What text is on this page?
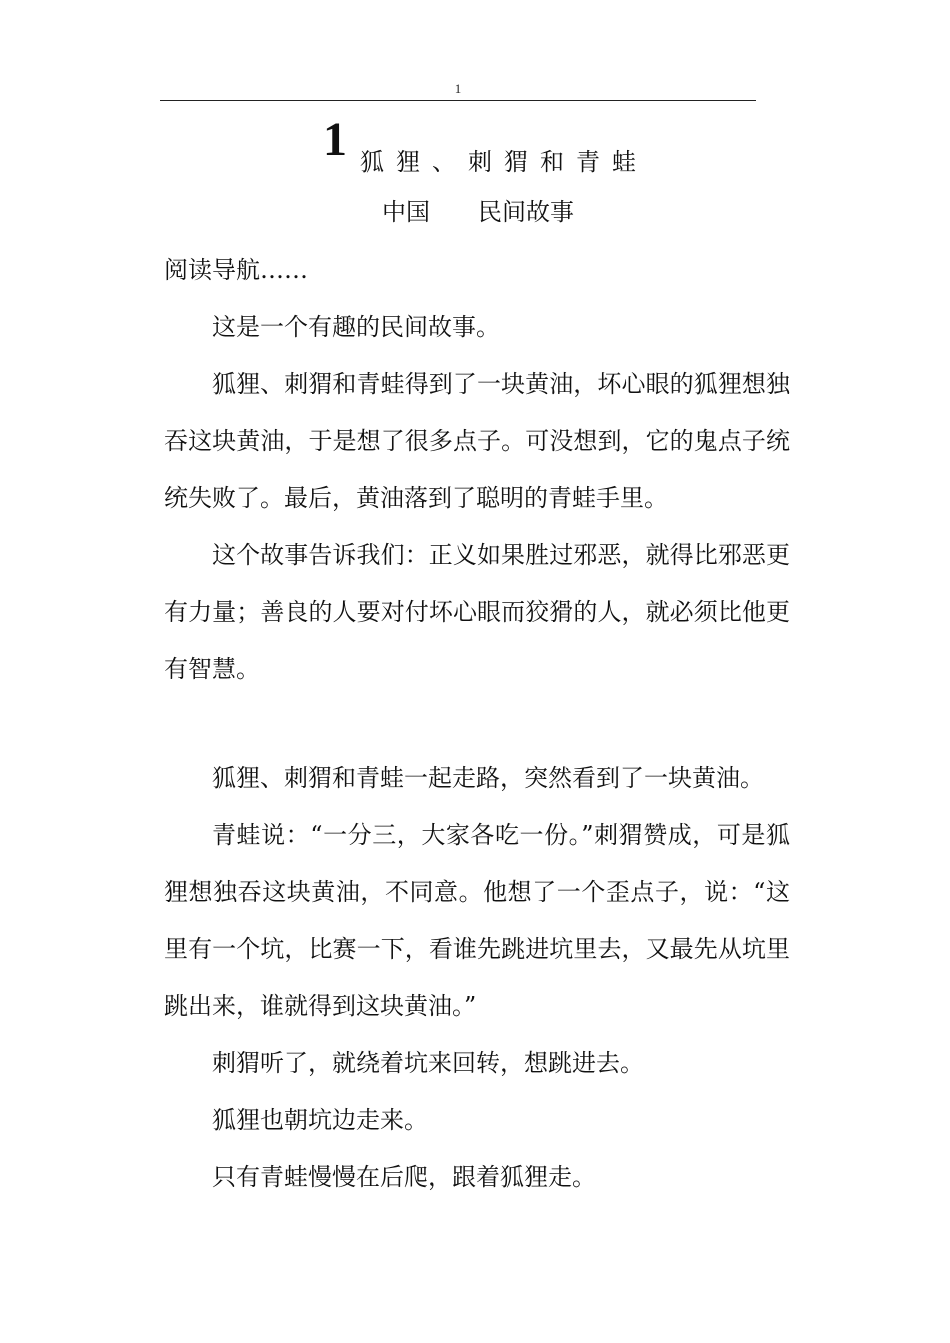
1
1 狐狸、刺猬和青蛙
中国　　民间故事

阅读导航……

这是一个有趣的民间故事。

狐狸、刺猬和青蛙得到了一块黄油，坏心眼的狐狸想独吞这块黄油，于是想了很多点子。可没想到，它的鬼点子统统失败了。最后，黄油落到了聪明的青蛙手里。

这个故事告诉我们：正义如果胜过邪恶，就得比邪恶更有力量；善良的人要对付坏心眼而狡猾的人，就必须比他更有智慧。

狐狸、刺猬和青蛙一起走路，突然看到了一块黄油。

青蛙说：“一分三，大家各吃一份。”刺猬赞成，可是狐狸想独吞这块黄油，不同意。他想了一个歪点子，说：“这里有一个坑，比赛一下，看谁先跳进坑里去，又最先从坑里跳出来，谁就得到这块黄油。”

刺猬听了，就绕着坑来回转，想跳进去。

狐狸也朝坑边走来。

只有青蛙慢慢在后爬，跟着狐狸走。
